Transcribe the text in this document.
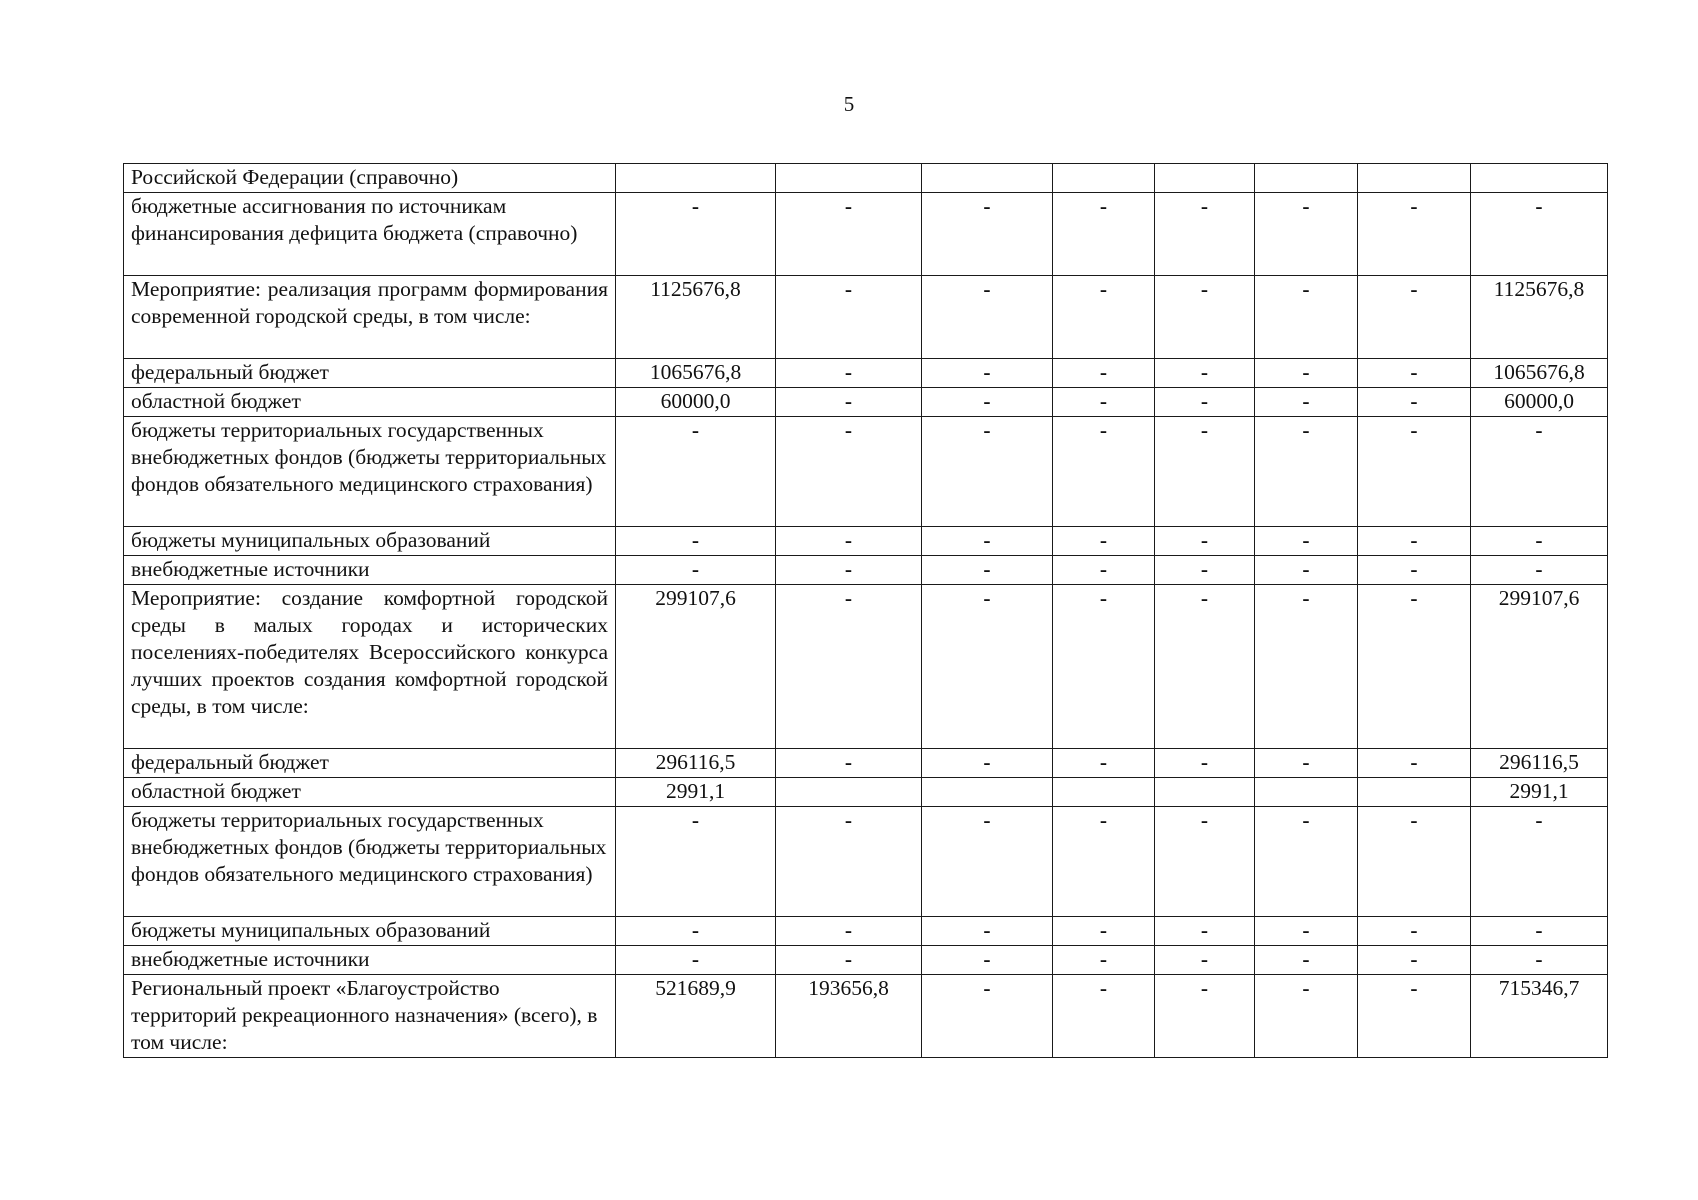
5
Российской Федерации (справочно)								
бюджетные ассигнования по источникам финансирования дефицита бюджета (справочно)	-	-	-	-	-	-	-	-
Мероприятие: реализация программ формирования современной городской среды, в том числе:	1125676,8	-	-	-	-	-	-	1125676,8
федеральный бюджет	1065676,8	-	-	-	-	-	-	1065676,8
областной бюджет	60000,0	-	-	-	-	-	-	60000,0
бюджеты территориальных государственных внебюджетных фондов (бюджеты территориальных фондов обязательного медицинского страхования)	-	-	-	-	-	-	-	-
бюджеты муниципальных образований	-	-	-	-	-	-	-	-
внебюджетные источники	-	-	-	-	-	-	-	-
Мероприятие: создание комфортной городской среды в малых городах и исторических поселениях-победителях Всероссийского конкурса лучших проектов создания комфортной городской среды, в том числе:	299107,6	-	-	-	-	-	-	299107,6
федеральный бюджет	296116,5	-	-	-	-	-	-	296116,5
областной бюджет	2991,1							2991,1
бюджеты территориальных государственных внебюджетных фондов (бюджеты территориальных фондов обязательного медицинского страхования)	-	-	-	-	-	-	-	-
бюджеты муниципальных образований	-	-	-	-	-	-	-	-
внебюджетные источники	-	-	-	-	-	-	-	-
Региональный проект «Благоустройство территорий рекреационного назначения» (всего), в том числе:	521689,9	193656,8	-	-	-	-	-	715346,7
